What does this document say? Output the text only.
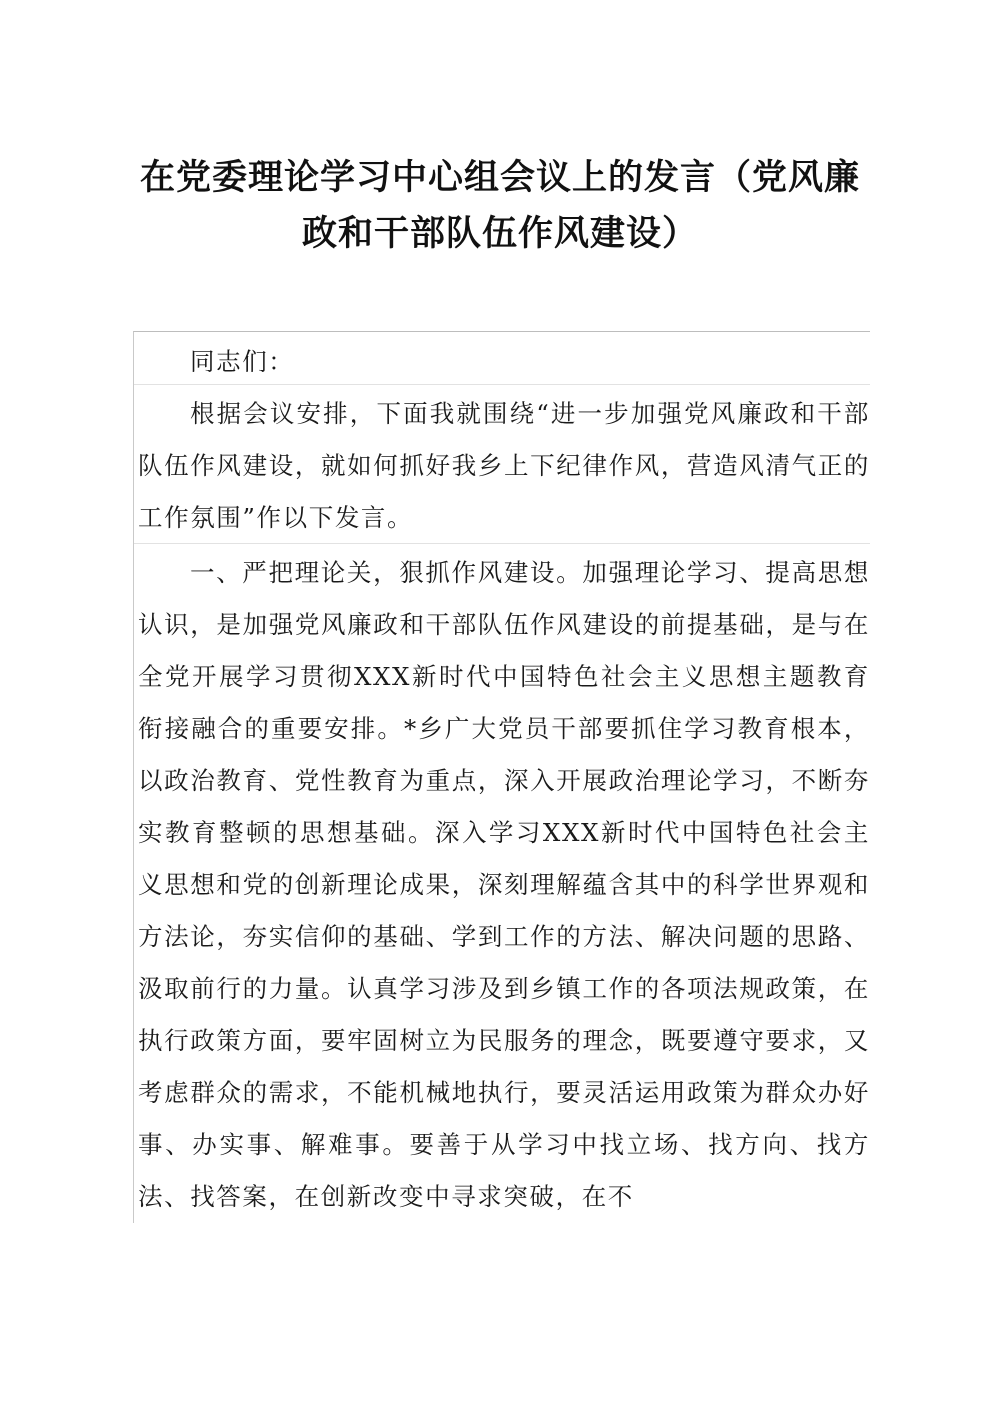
在党委理论学习中心组会议上的发言（党风廉
政和干部队伍作风建设）
同志们：
根据会议安排，下面我就围绕“进一步加强党风廉政和干部队伍作风建设，就如何抓好我乡上下纪律作风，营造风清气正的工作氛围”作以下发言。
一、严把理论关，狠抓作风建设。加强理论学习、提高思想认识，是加强党风廉政和干部队伍作风建设的前提基础，是与在全党开展学习贯彻XXX新时代中国特色社会主义思想主题教育衔接融合的重要安排。*乡广大党员干部要抓住学习教育根本，以政治教育、党性教育为重点，深入开展政治理论学习，不断夯实教育整顿的思想基础。深入学习XXX新时代中国特色社会主义思想和党的创新理论成果，深刻理解蕴含其中的科学世界观和方法论，夯实信仰的基础、学到工作的方法、解决问题的思路、汲取前行的力量。认真学习涉及到乡镇工作的各项法规政策，在执行政策方面，要牢固树立为民服务的理念，既要遵守要求，又考虑群众的需求，不能机械地执行，要灵活运用政策为群众办好事、办实事、解难事。要善于从学习中找立场、找方向、找方法、找答案，在创新改变中寻求突破，在不
